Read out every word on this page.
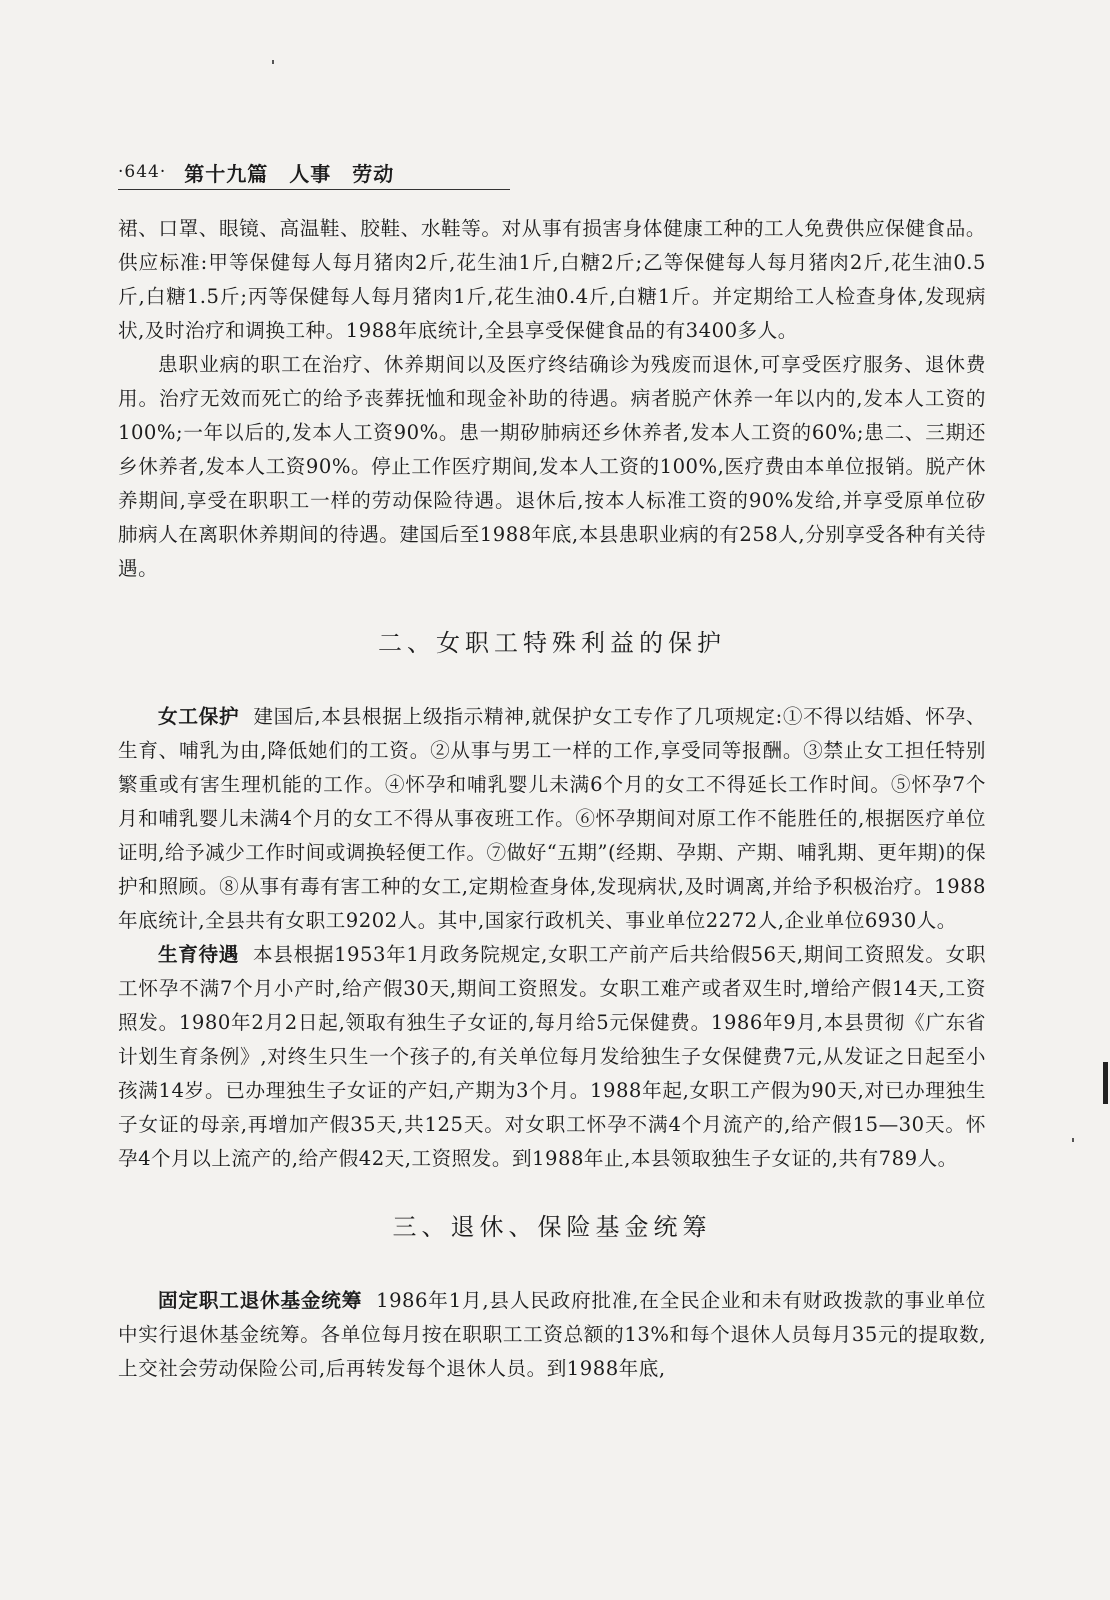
·644· 第十九篇　人事　劳动

裙、口罩、眼镜、高温鞋、胶鞋、水鞋等。对从事有损害身体健康工种的工人免费供应保健食品。供应标准:甲等保健每人每月猪肉2斤,花生油1斤,白糖2斤;乙等保健每人每月猪肉2斤,花生油0.5斤,白糖1.5斤;丙等保健每人每月猪肉1斤,花生油0.4斤,白糖1斤。并定期给工人检查身体,发现病状,及时治疗和调换工种。1988年底统计,全县享受保健食品的有3400多人。

患职业病的职工在治疗、休养期间以及医疗终结确诊为残废而退休,可享受医疗服务、退休费用。治疗无效而死亡的给予丧葬抚恤和现金补助的待遇。病者脱产休养一年以内的,发本人工资的100%;一年以后的,发本人工资90%。患一期矽肺病还乡休养者,发本人工资的60%;患二、三期还乡休养者,发本人工资90%。停止工作医疗期间,发本人工资的100%,医疗费由本单位报销。脱产休养期间,享受在职职工一样的劳动保险待遇。退休后,按本人标准工资的90%发给,并享受原单位矽肺病人在离职休养期间的待遇。建国后至1988年底,本县患职业病的有258人,分别享受各种有关待遇。

二、女职工特殊利益的保护

女工保护 建国后,本县根据上级指示精神,就保护女工专作了几项规定:①不得以结婚、怀孕、生育、哺乳为由,降低她们的工资。②从事与男工一样的工作,享受同等报酬。③禁止女工担任特别繁重或有害生理机能的工作。④怀孕和哺乳婴儿未满6个月的女工不得延长工作时间。⑤怀孕7个月和哺乳婴儿未满4个月的女工不得从事夜班工作。⑥怀孕期间对原工作不能胜任的,根据医疗单位证明,给予减少工作时间或调换轻便工作。⑦做好“五期”(经期、孕期、产期、哺乳期、更年期)的保护和照顾。⑧从事有毒有害工种的女工,定期检查身体,发现病状,及时调离,并给予积极治疗。1988年底统计,全县共有女职工9202人。其中,国家行政机关、事业单位2272人,企业单位6930人。

生育待遇 本县根据1953年1月政务院规定,女职工产前产后共给假56天,期间工资照发。女职工怀孕不满7个月小产时,给产假30天,期间工资照发。女职工难产或者双生时,增给产假14天,工资照发。1980年2月2日起,领取有独生子女证的,每月给5元保健费。1986年9月,本县贯彻《广东省计划生育条例》,对终生只生一个孩子的,有关单位每月发给独生子女保健费7元,从发证之日起至小孩满14岁。已办理独生子女证的产妇,产期为3个月。1988年起,女职工产假为90天,对已办理独生子女证的母亲,再增加产假35天,共125天。对女职工怀孕不满4个月流产的,给产假15—30天。怀孕4个月以上流产的,给产假42天,工资照发。到1988年止,本县领取独生子女证的,共有789人。

三、退休、保险基金统筹

固定职工退休基金统筹 1986年1月,县人民政府批准,在全民企业和未有财政拨款的事业单位中实行退休基金统筹。各单位每月按在职职工工资总额的13%和每个退休人员每月35元的提取数,上交社会劳动保险公司,后再转发每个退休人员。到1988年底,
